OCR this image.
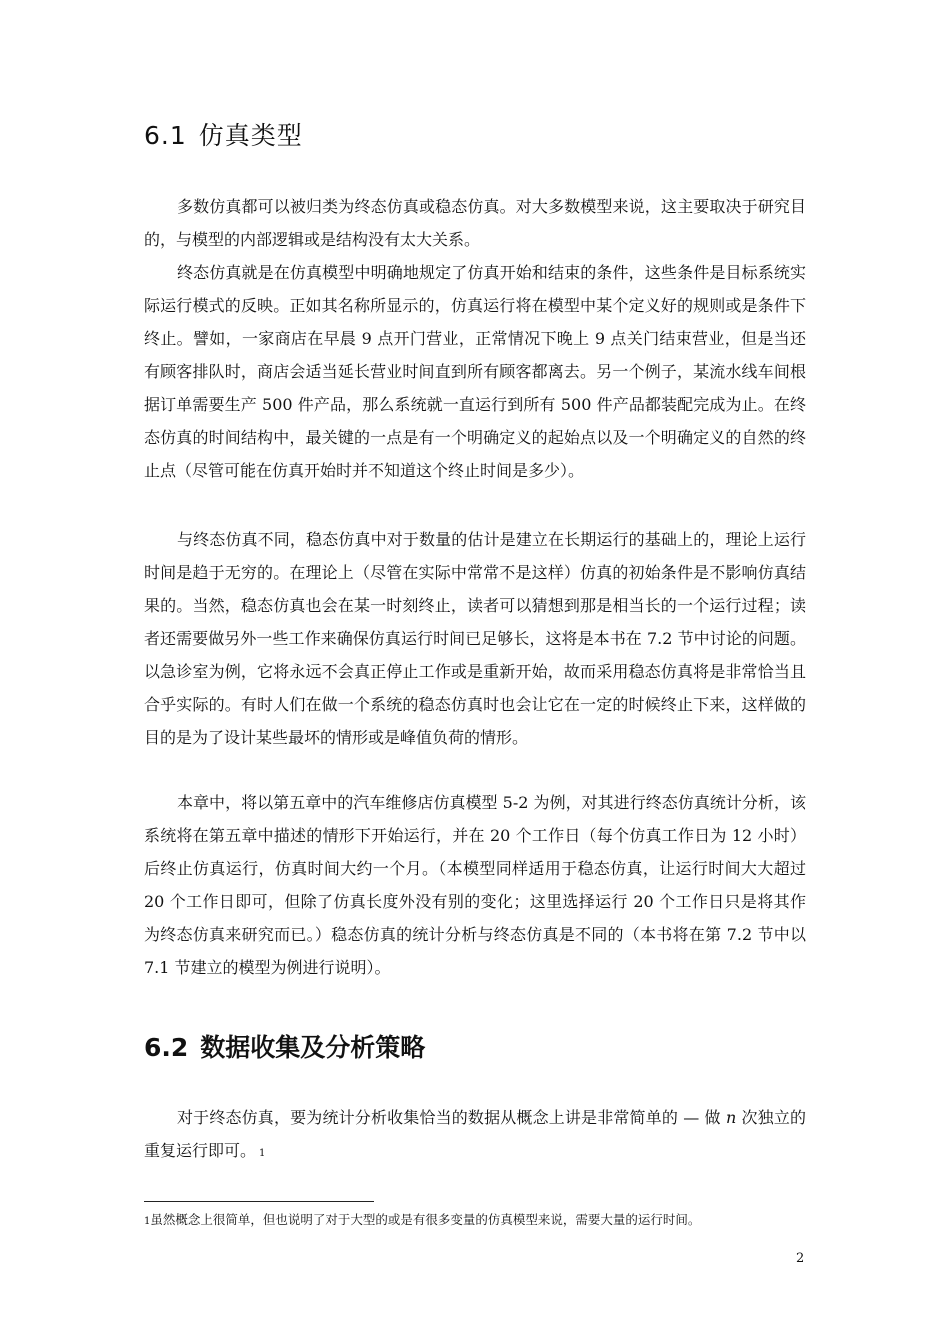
6.1 仿真类型

多数仿真都可以被归类为终态仿真或稳态仿真。对大多数模型来说，这主要取决于研究目的，与模型的内部逻辑或是结构没有太大关系。

终态仿真就是在仿真模型中明确地规定了仿真开始和结束的条件，这些条件是目标系统实际运行模式的反映。正如其名称所显示的，仿真运行将在模型中某个定义好的规则或是条件下终止。譬如，一家商店在早晨 9 点开门营业，正常情况下晚上 9 点关门结束营业，但是当还有顾客排队时，商店会适当延长营业时间直到所有顾客都离去。另一个例子，某流水线车间根据订单需要生产 500 件产品，那么系统就一直运行到所有 500 件产品都装配完成为止。在终态仿真的时间结构中，最关键的一点是有一个明确定义的起始点以及一个明确定义的自然的终止点（尽管可能在仿真开始时并不知道这个终止时间是多少）。

与终态仿真不同，稳态仿真中对于数量的估计是建立在长期运行的基础上的，理论上运行时间是趋于无穷的。在理论上（尽管在实际中常常不是这样）仿真的初始条件是不影响仿真结果的。当然，稳态仿真也会在某一时刻终止，读者可以猜想到那是相当长的一个运行过程；读者还需要做另外一些工作来确保仿真运行时间已足够长，这将是本书在 7.2 节中讨论的问题。以急诊室为例，它将永远不会真正停止工作或是重新开始，故而采用稳态仿真将是非常恰当且合乎实际的。有时人们在做一个系统的稳态仿真时也会让它在一定的时候终止下来，这样做的目的是为了设计某些最坏的情形或是峰值负荷的情形。

本章中，将以第五章中的汽车维修店仿真模型 5-2 为例，对其进行终态仿真统计分析，该系统将在第五章中描述的情形下开始运行，并在 20 个工作日（每个仿真工作日为 12 小时）后终止仿真运行，仿真时间大约一个月。（本模型同样适用于稳态仿真，让运行时间大大超过 20 个工作日即可，但除了仿真长度外没有别的变化；这里选择运行 20 个工作日只是将其作为终态仿真来研究而已。）稳态仿真的统计分析与终态仿真是不同的（本书将在第 7.2 节中以 7.1 节建立的模型为例进行说明）。

6.2 数据收集及分析策略

对于终态仿真，要为统计分析收集恰当的数据从概念上讲是非常简单的 — 做 n 次独立的重复运行即可。 1

1虽然概念上很简单，但也说明了对于大型的或是有很多变量的仿真模型来说，需要大量的运行时间。

2
